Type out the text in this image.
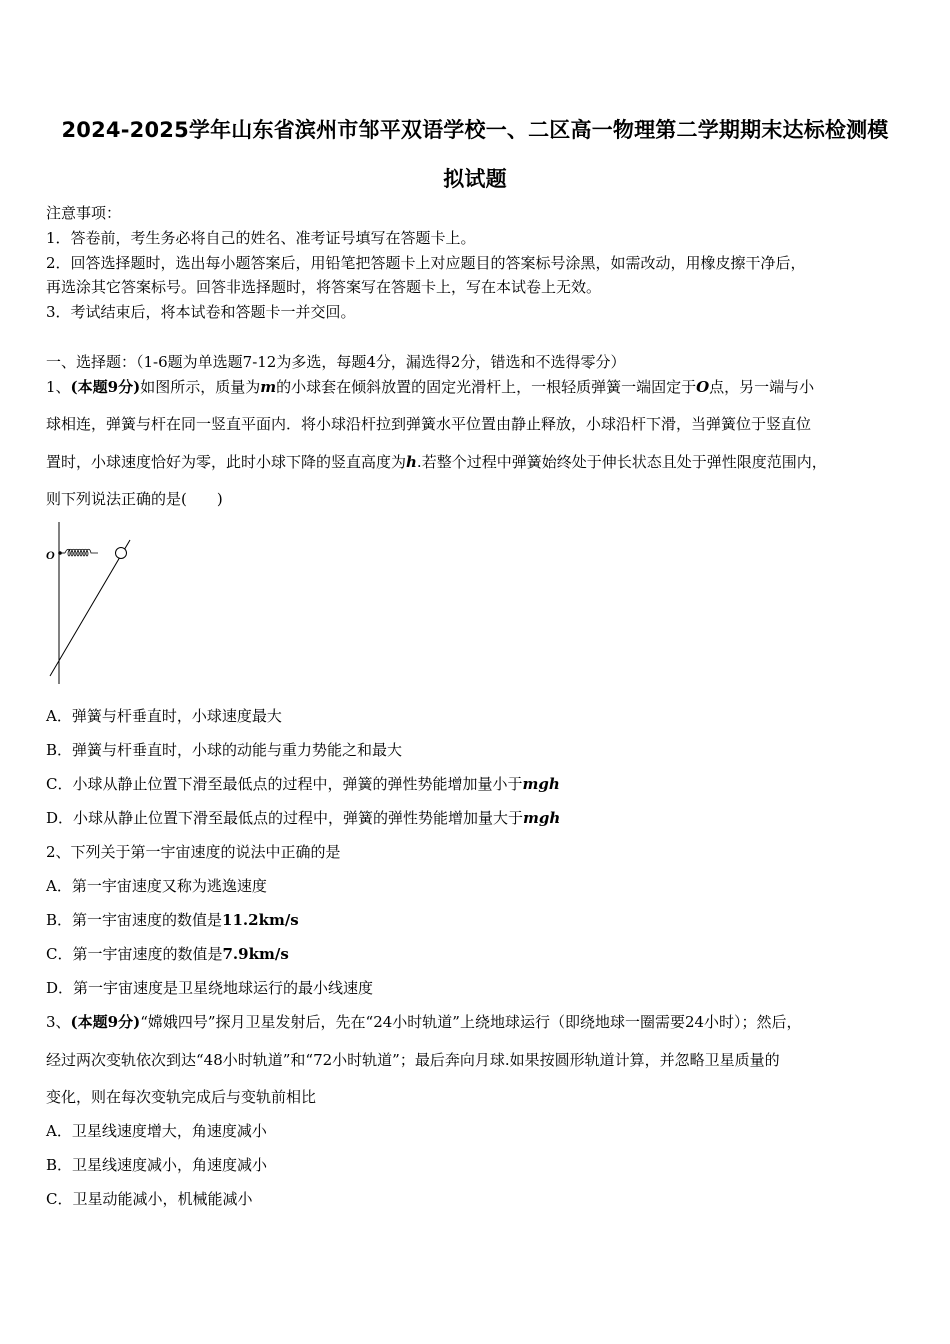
2024-2025学年山东省滨州市邹平双语学校一、二区高一物理第二学期期末达标检测模
拟试题
注意事项：
1．答卷前，考生务必将自己的姓名、准考证号填写在答题卡上。
2．回答选择题时，选出每小题答案后，用铅笔把答题卡上对应题目的答案标号涂黑，如需改动，用橡皮擦干净后，
再选涂其它答案标号。回答非选择题时，将答案写在答题卡上，写在本试卷上无效。
3．考试结束后，将本试卷和答题卡一并交回。
一、选择题：（1-6题为单选题7-12为多选，每题4分，漏选得2分，错选和不选得零分）
1、(本题9分)如图所示，质量为m的小球套在倾斜放置的固定光滑杆上，一根轻质弹簧一端固定于O点，另一端与小
球相连，弹簧与杆在同一竖直平面内．将小球沿杆拉到弹簧水平位置由静止释放，小球沿杆下滑，当弹簧位于竖直位
置时，小球速度恰好为零，此时小球下降的竖直高度为h.若整个过程中弹簧始终处于伸长状态且处于弹性限度范围内，
则下列说法正确的是(　　)
O
A．弹簧与杆垂直时，小球速度最大
B．弹簧与杆垂直时，小球的动能与重力势能之和最大
C．小球从静止位置下滑至最低点的过程中，弹簧的弹性势能增加量小于mgh
D．小球从静止位置下滑至最低点的过程中，弹簧的弹性势能增加量大于mgh
2、下列关于第一宇宙速度的说法中正确的是
A．第一宇宙速度又称为逃逸速度
B．第一宇宙速度的数值是11.2km/s
C．第一宇宙速度的数值是7.9km/s
D．第一宇宙速度是卫星绕地球运行的最小线速度
3、(本题9分)“嫦娥四号”探月卫星发射后，先在“24小时轨道”上绕地球运行（即绕地球一圈需要24小时）；然后，
经过两次变轨依次到达“48小时轨道”和“72小时轨道”；最后奔向月球.如果按圆形轨道计算，并忽略卫星质量的
变化，则在每次变轨完成后与变轨前相比
A．卫星线速度增大，角速度减小
B．卫星线速度减小，角速度减小
C．卫星动能减小，机械能减小
